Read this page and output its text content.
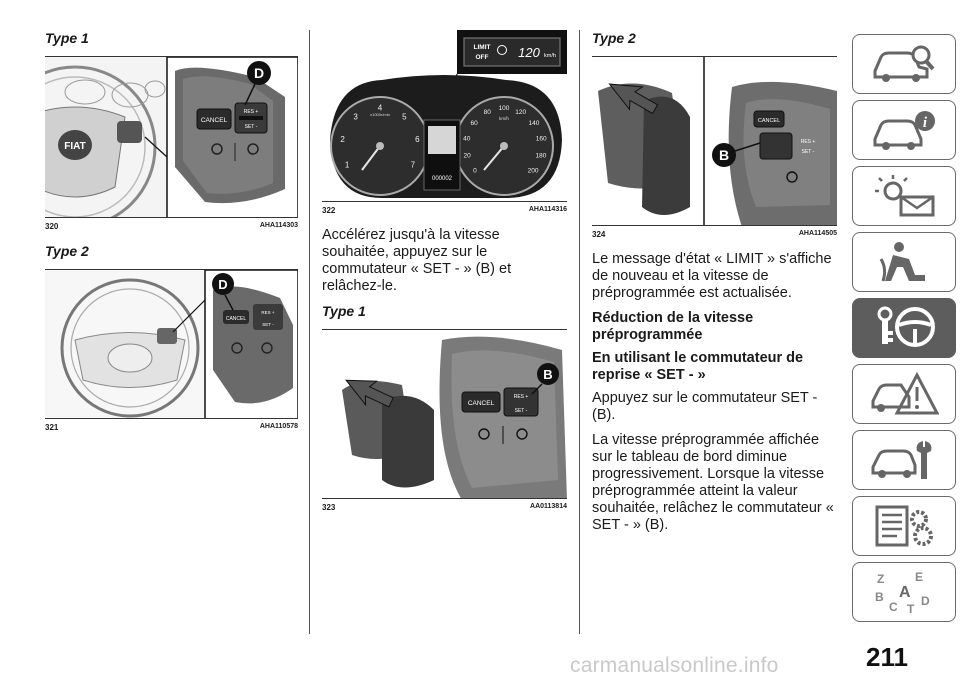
Type 1
FIAT
CANCEL
RES +
SET -
D
320	AHA114303
Type 2
CANCEL
RES +
SET -
D
321	AHA110578
LIMIT
OFF 120 km/h
1
2
3
4
5
6
7
0
20
40
60
80
100
120
140
160
180
200
x1000r/min
km/h
000002
322	AHA114316

Accélérez jusqu'à la vitesse souhaitée, appuyez sur le commutateur « SET - » (B) et relâchez-le.

Type 1
CANCEL
RES +
SET -
B
323	AA0113814
Type 2
CANCEL
RES +
SET -
B
324	AHA114505

Le message d'état « LIMIT » s'affiche de nouveau et la vitesse de préprogrammée est actualisée.

Réduction de la vitesse préprogrammée
En utilisant le commutateur de reprise « SET - »

Appuyez sur le commutateur SET - (B).

La vitesse préprogrammée affichée sur le tableau de bord diminue progressivement. Lorsque la vitesse préprogrammée atteint la valeur souhaitée, relâchez le commutateur « SET - » (B).

i
Z	E
A
B
C T
D
211
carmanualsonline.info
